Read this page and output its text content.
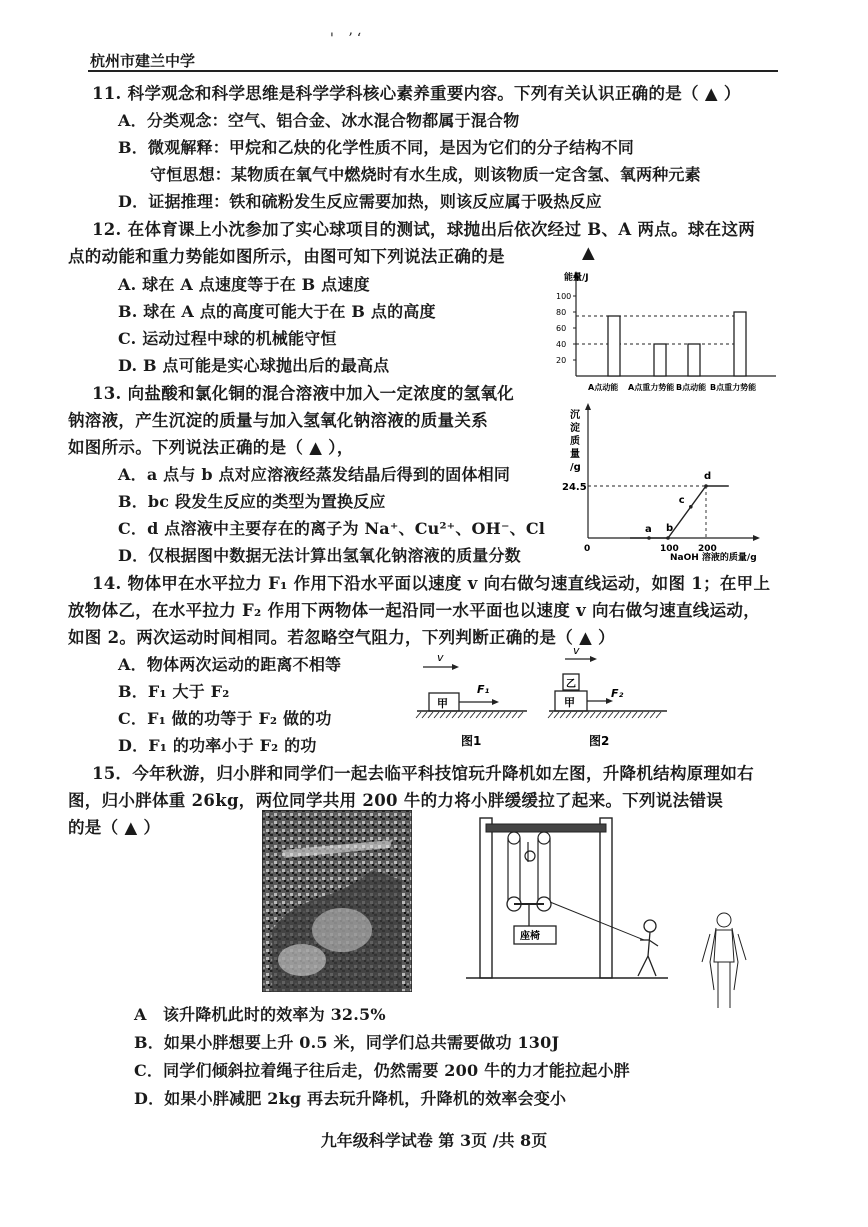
'　ʼ ʻ
杭州市建兰中学
11. 科学观念和科学思维是科学学科核心素养重要内容。下列有关认识正确的是（ ▲ ）
A．分类观念：空气、铝合金、冰水混合物都属于混合物
B．微观解释：甲烷和乙炔的化学性质不同，是因为它们的分子结构不同
守恒思想：某物质在氧气中燃烧时有水生成，则该物质一定含氢、氧两种元素
D．证据推理：铁和硫粉发生反应需要加热，则该反应属于吸热反应
12. 在体育课上小沈参加了实心球项目的测试，球抛出后依次经过 B、A 两点。球在这两
点的动能和重力势能如图所示，由图可知下列说法正确的是	▲
A. 球在 A 点速度等于在 B 点速度
B. 球在 A 点的高度可能大于在 B 点的高度
C. 运动过程中球的机械能守恒
D. B 点可能是实心球抛出后的最高点
能量/J
100
80
60
40
20
A点动能 A点重力势能 B点动能 B点重力势能
13. 向盐酸和氯化铜的混合溶液中加入一定浓度的氢氧化
钠溶液，产生沉淀的质量与加入氢氧化钠溶液的质量关系
如图所示。下列说法正确的是（ ▲ ），
A．a 点与 b 点对应溶液经蒸发结晶后得到的固体相同
B．bc 段发生反应的类型为置换反应
C．d 点溶液中主要存在的离子为 Na⁺、Cu²⁺、OH⁻、Cl
D．仅根据图中数据无法计算出氢氧化钠溶液的质量分数
沉
淀
质
量
/g
24.5
a b
c
d
0	100 200
NaOH 溶液的质量/g
14. 物体甲在水平拉力 F₁ 作用下沿水平面以速度 v 向右做匀速直线运动，如图 1；在甲上
放物体乙，在水平拉力 F₂ 作用下两物体一起沿同一水平面也以速度 v 向右做匀速直线运动，
如图 2。两次运动时间相同。若忽略空气阻力，下列判断正确的是（ ▲ ）
A．物体两次运动的距离不相等
B．F₁ 大于 F₂
C．F₁ 做的功等于 F₂ 做的功
D．F₁ 的功率小于 F₂ 的功
v
甲
F₁
图1
v
乙
甲
F₂
图2
15．今年秋游，归小胖和同学们一起去临平科技馆玩升降机如左图，升降机结构原理如右
图，归小胖体重 26kg，两位同学共用 200 牛的力将小胖缓缓拉了起来。下列说法错误
的是（ ▲ ）
座椅
A　该升降机此时的效率为 32.5%
B．如果小胖想要上升 0.5 米，同学们总共需要做功 130J
C．同学们倾斜拉着绳子往后走，仍然需要 200 牛的力才能拉起小胖
D．如果小胖减肥 2kg 再去玩升降机，升降机的效率会变小
九年级科学试卷 第 3页 /共 8页
